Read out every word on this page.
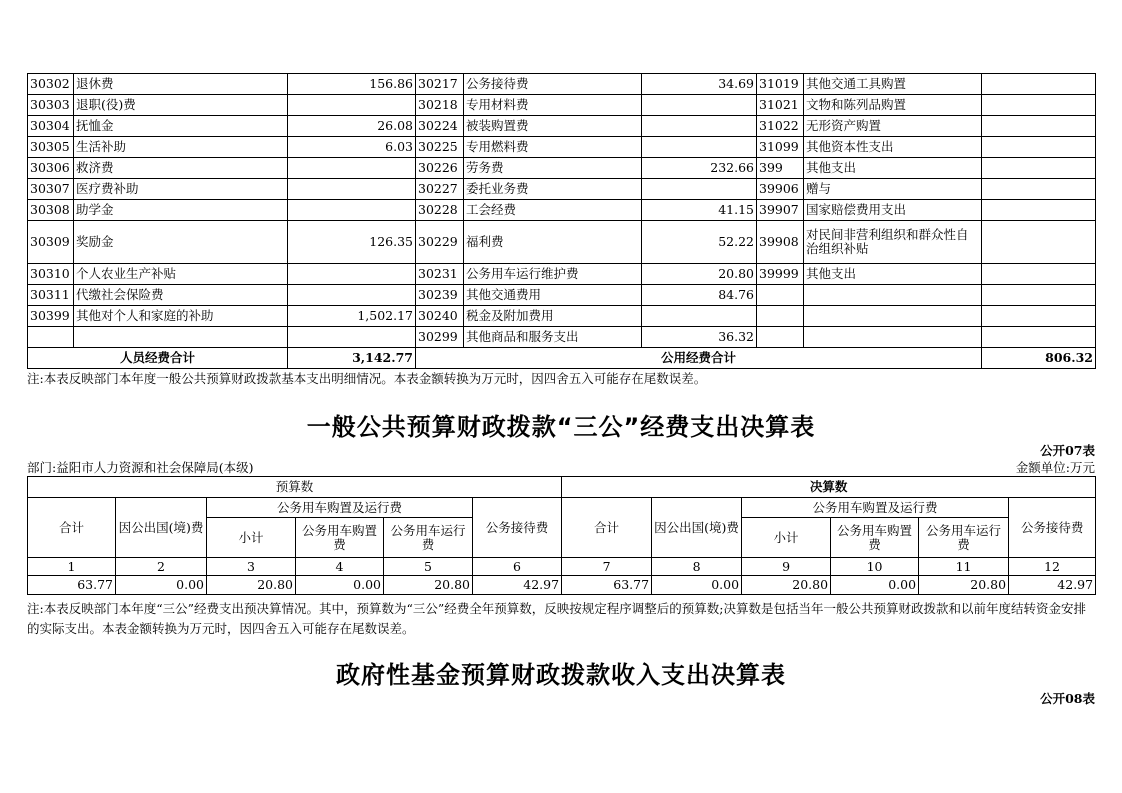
30302	退休费	156.86	30217	公务接待费	34.69	31019	其他交通工具购置	
30303	退职(役)费		30218	专用材料费		31021	文物和陈列品购置	
30304	抚恤金	26.08	30224	被装购置费		31022	无形资产购置	
30305	生活补助	6.03	30225	专用燃料费		31099	其他资本性支出	
30306	救济费		30226	劳务费	232.66	399	其他支出	
30307	医疗费补助		30227	委托业务费		39906	赠与	
30308	助学金		30228	工会经费	41.15	39907	国家赔偿费用支出	
30309	奖励金	126.35	30229	福利费	52.22	39908	对民间非营利组织和群众性自治组织补贴	
30310	个人农业生产补贴		30231	公务用车运行维护费	20.80	39999	其他支出	
30311	代缴社会保险费		30239	其他交通费用	84.76			
30399	其他对个人和家庭的补助	1,502.17	30240	税金及附加费用				
			30299	其他商品和服务支出	36.32			
人员经费合计		3,142.77	公用经费合计					806.32
注:本表反映部门本年度一般公共预算财政拨款基本支出明细情况。本表金额转换为万元时，因四舍五入可能存在尾数误差。
一般公共预算财政拨款“三公”经费支出决算表
公开07表
部门:益阳市人力资源和社会保障局(本级)	金额单位:万元
预算数						决算数					
合计	因公出国(境)费	公务用车购置及运行费			公务接待费	合计	因公出国(境)费	公务用车购置及运行费			公务接待费
		小计	公务用车购置费	公务用车运行费				小计	公务用车购置费	公务用车运行费	
1	2	3	4	5	6	7	8	9	10	11	12
63.77	0.00	20.80	0.00	20.80	42.97	63.77	0.00	20.80	0.00	20.80	42.97
注:本表反映部门本年度“三公”经费支出预决算情况。其中，预算数为“三公”经费全年预算数，反映按规定程序调整后的预算数;决算数是包括当年一般公共预算财政拨款和以前年度结转资金安排的实际支出。本表金额转换为万元时，因四舍五入可能存在尾数误差。
政府性基金预算财政拨款收入支出决算表
公开08表
